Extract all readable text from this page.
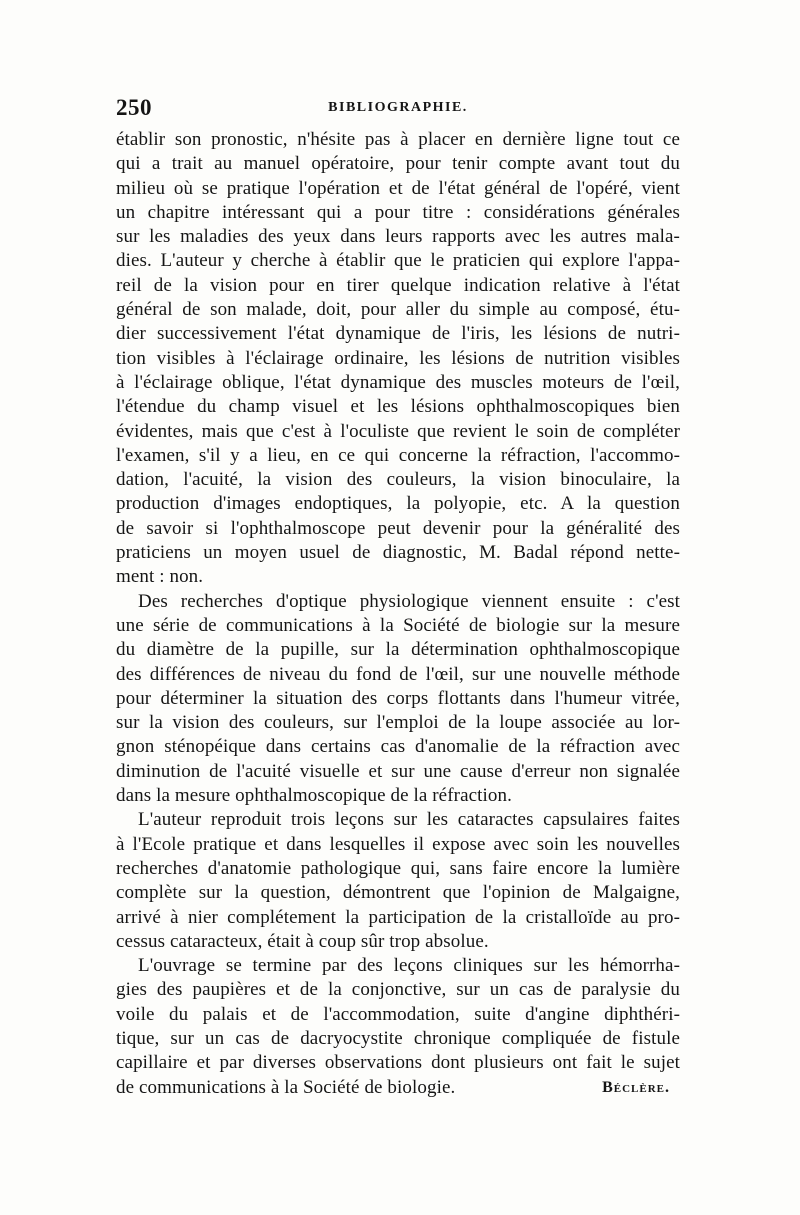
250	BIBLIOGRAPHIE.

établir son pronostic, n'hésite pas à placer en dernière ligne tout ce

qui a trait au manuel opératoire, pour tenir compte avant tout du

milieu où se pratique l'opération et de l'état général de l'opéré, vient

un chapitre intéressant qui a pour titre : considérations générales

sur les maladies des yeux dans leurs rapports avec les autres mala-

dies. L'auteur y cherche à établir que le praticien qui explore l'appa-

reil de la vision pour en tirer quelque indication relative à l'état

général de son malade, doit, pour aller du simple au composé, étu-

dier successivement l'état dynamique de l'iris, les lésions de nutri-

tion visibles à l'éclairage ordinaire, les lésions de nutrition visibles

à l'éclairage oblique, l'état dynamique des muscles moteurs de l'œil,

l'étendue du champ visuel et les lésions ophthalmoscopiques bien

évidentes, mais que c'est à l'oculiste que revient le soin de compléter

l'examen, s'il y a lieu, en ce qui concerne la réfraction, l'accommo-

dation, l'acuité, la vision des couleurs, la vision binoculaire, la

production d'images endoptiques, la polyopie, etc. A la question

de savoir si l'ophthalmoscope peut devenir pour la généralité des

praticiens un moyen usuel de diagnostic, M. Badal répond nette-

ment : non.

Des recherches d'optique physiologique viennent ensuite : c'est

une série de communications à la Société de biologie sur la mesure

du diamètre de la pupille, sur la détermination ophthalmoscopique

des différences de niveau du fond de l'œil, sur une nouvelle méthode

pour déterminer la situation des corps flottants dans l'humeur vitrée,

sur la vision des couleurs, sur l'emploi de la loupe associée au lor-

gnon sténopéique dans certains cas d'anomalie de la réfraction avec

diminution de l'acuité visuelle et sur une cause d'erreur non signalée

dans la mesure ophthalmoscopique de la réfraction.

L'auteur reproduit trois leçons sur les cataractes capsulaires faites

à l'Ecole pratique et dans lesquelles il expose avec soin les nouvelles

recherches d'anatomie pathologique qui, sans faire encore la lumière

complète sur la question, démontrent que l'opinion de Malgaigne,

arrivé à nier complétement la participation de la cristalloïde au pro-

cessus cataracteux, était à coup sûr trop absolue.

L'ouvrage se termine par des leçons cliniques sur les hémorrha-

gies des paupières et de la conjonctive, sur un cas de paralysie du

voile du palais et de l'accommodation, suite d'angine diphthéri-

tique, sur un cas de dacryocystite chronique compliquée de fistule

capillaire et par diverses observations dont plusieurs ont fait le sujet

de communications à la Société de biologie.	Béclère.
